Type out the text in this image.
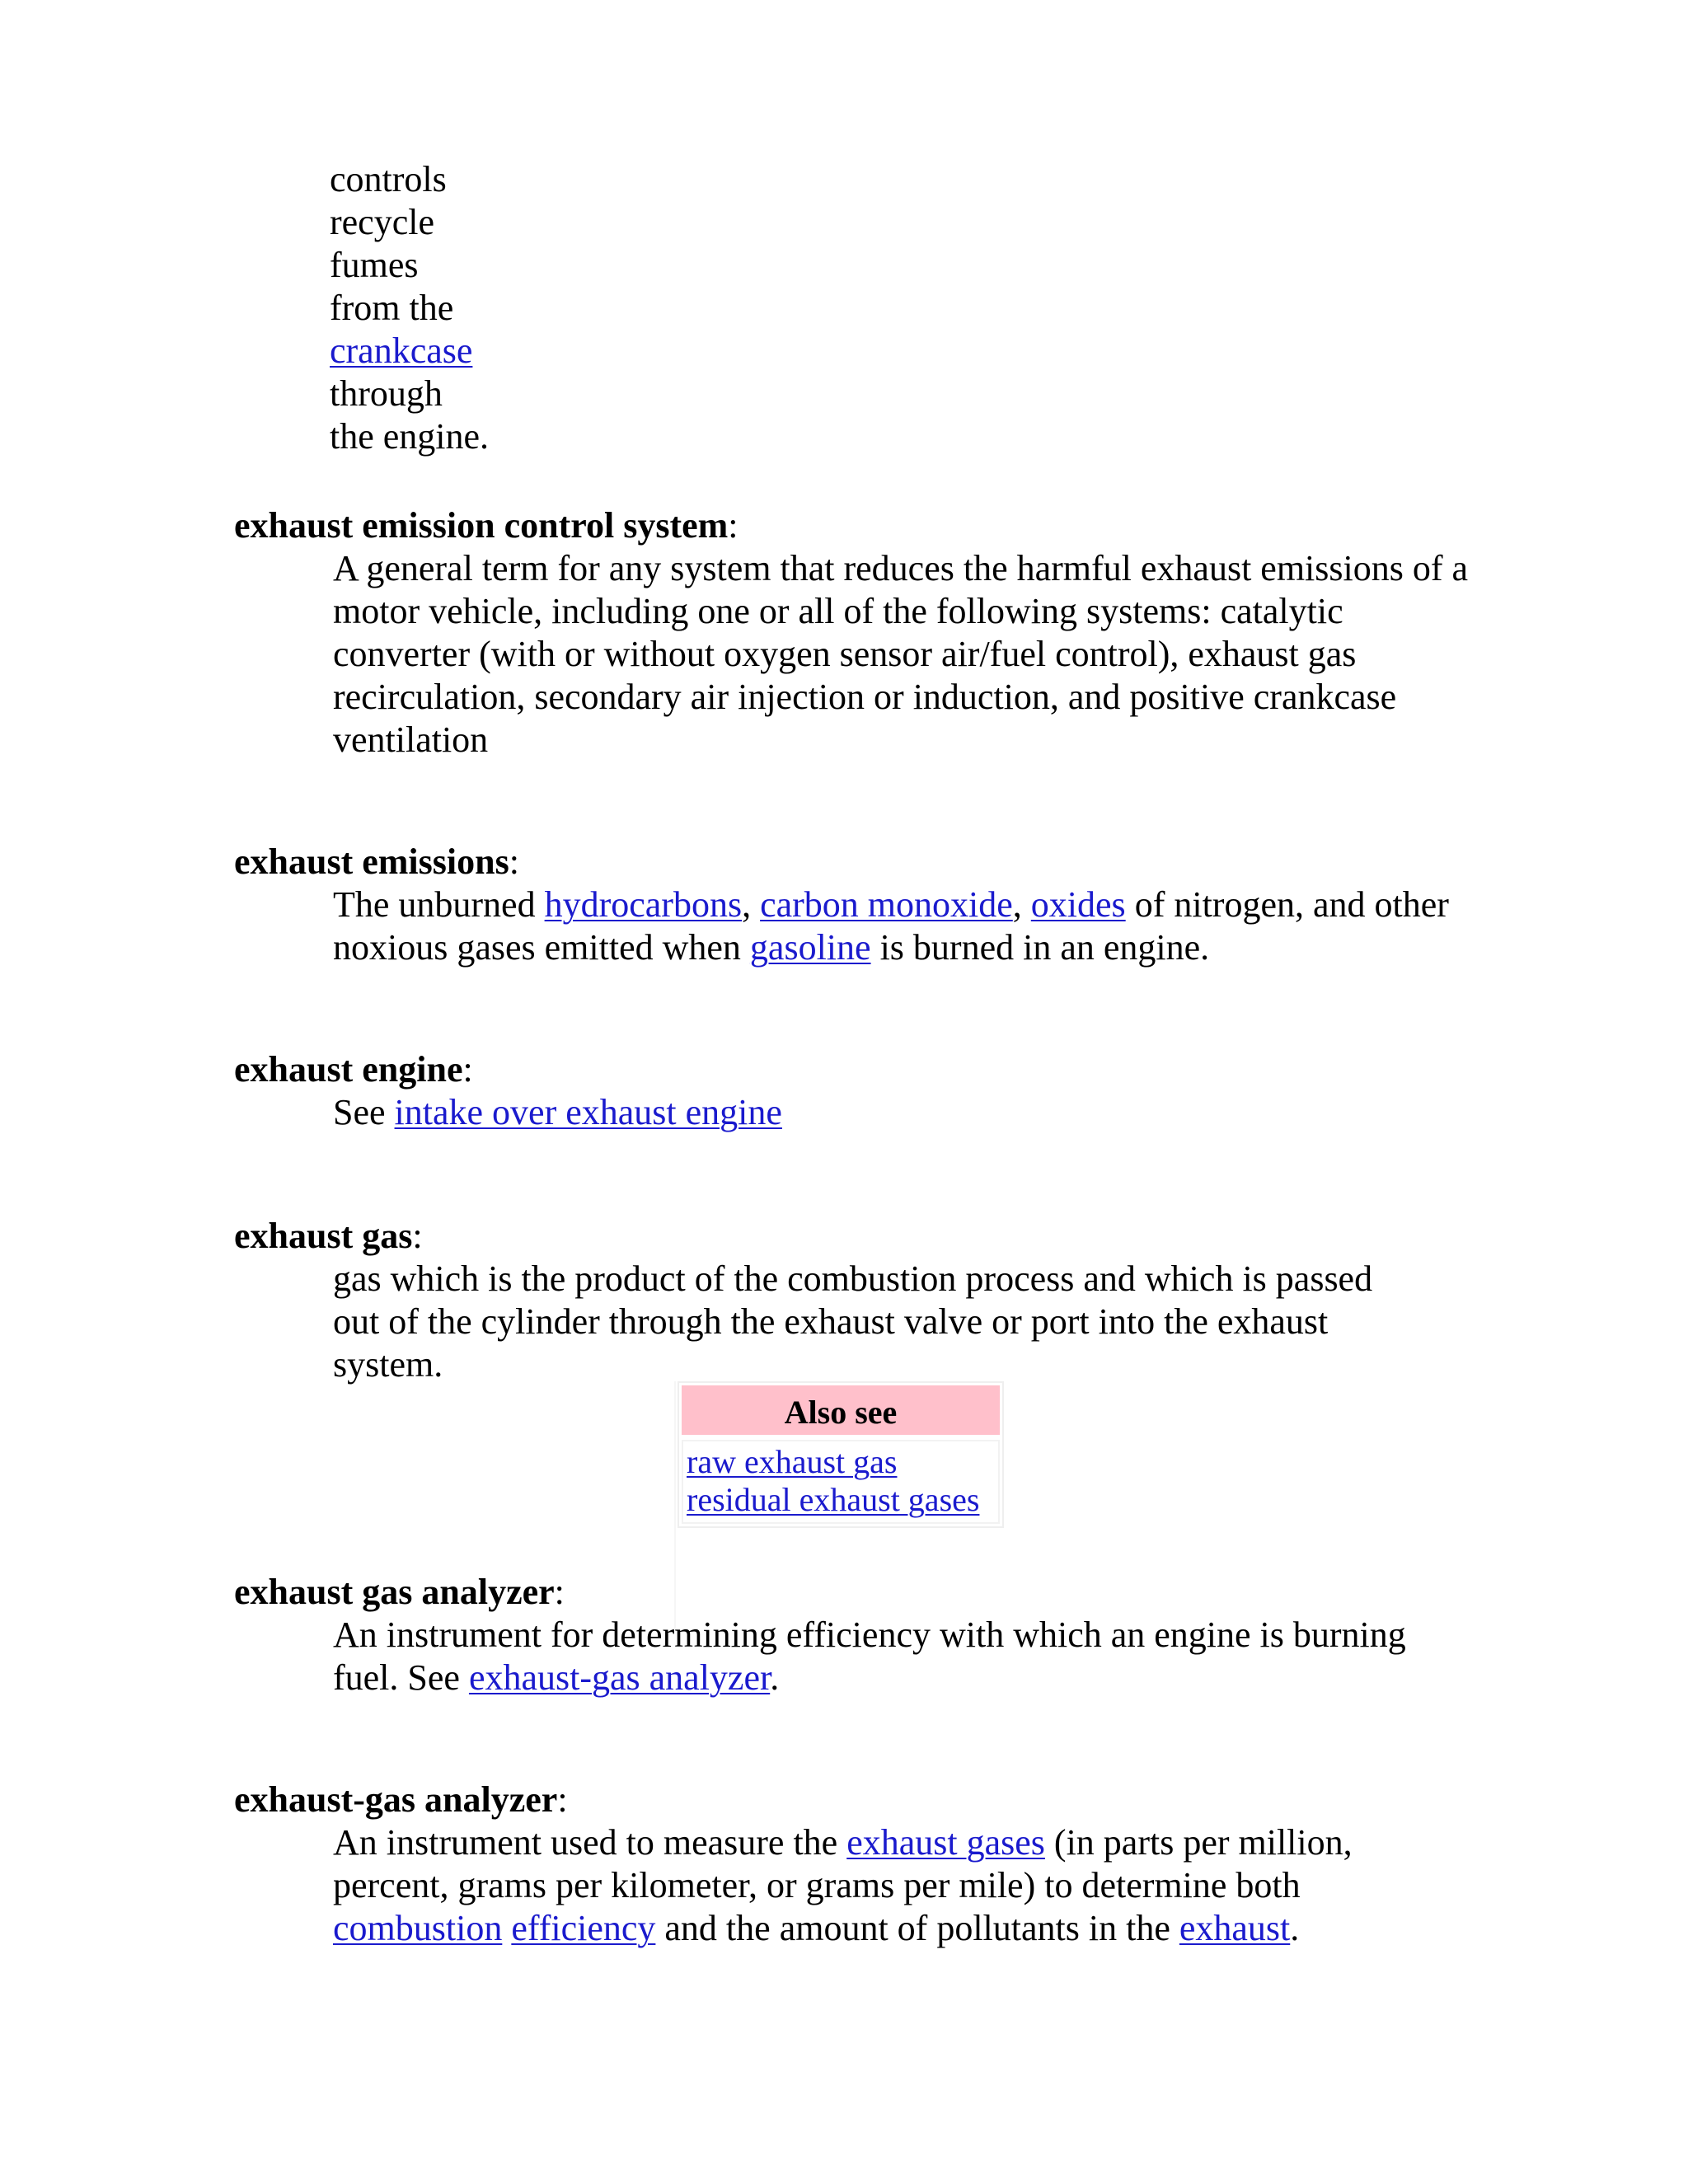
controls
recycle
fumes
from the
crankcase
through
the engine.
exhaust emission control system:
A general term for any system that reduces the harmful exhaust emissions of a motor vehicle, including one or all of the following systems: catalytic converter (with or without oxygen sensor air/fuel control), exhaust gas recirculation, secondary air injection or induction, and positive crankcase ventilation
exhaust emissions:
The unburned hydrocarbons, carbon monoxide, oxides of nitrogen, and other noxious gases emitted when gasoline is burned in an engine.
exhaust engine:
See intake over exhaust engine
exhaust gas:
gas which is the product of the combustion process and which is passed out of the cylinder through the exhaust valve or port into the exhaust system.
Also see
raw exhaust gas
residual exhaust gases
exhaust gas analyzer:
An instrument for determining efficiency with which an engine is burning fuel. See exhaust-gas analyzer.
exhaust-gas analyzer:
An instrument used to measure the exhaust gases (in parts per million, percent, grams per kilometer, or grams per mile) to determine both combustion efficiency and the amount of pollutants in the exhaust.
